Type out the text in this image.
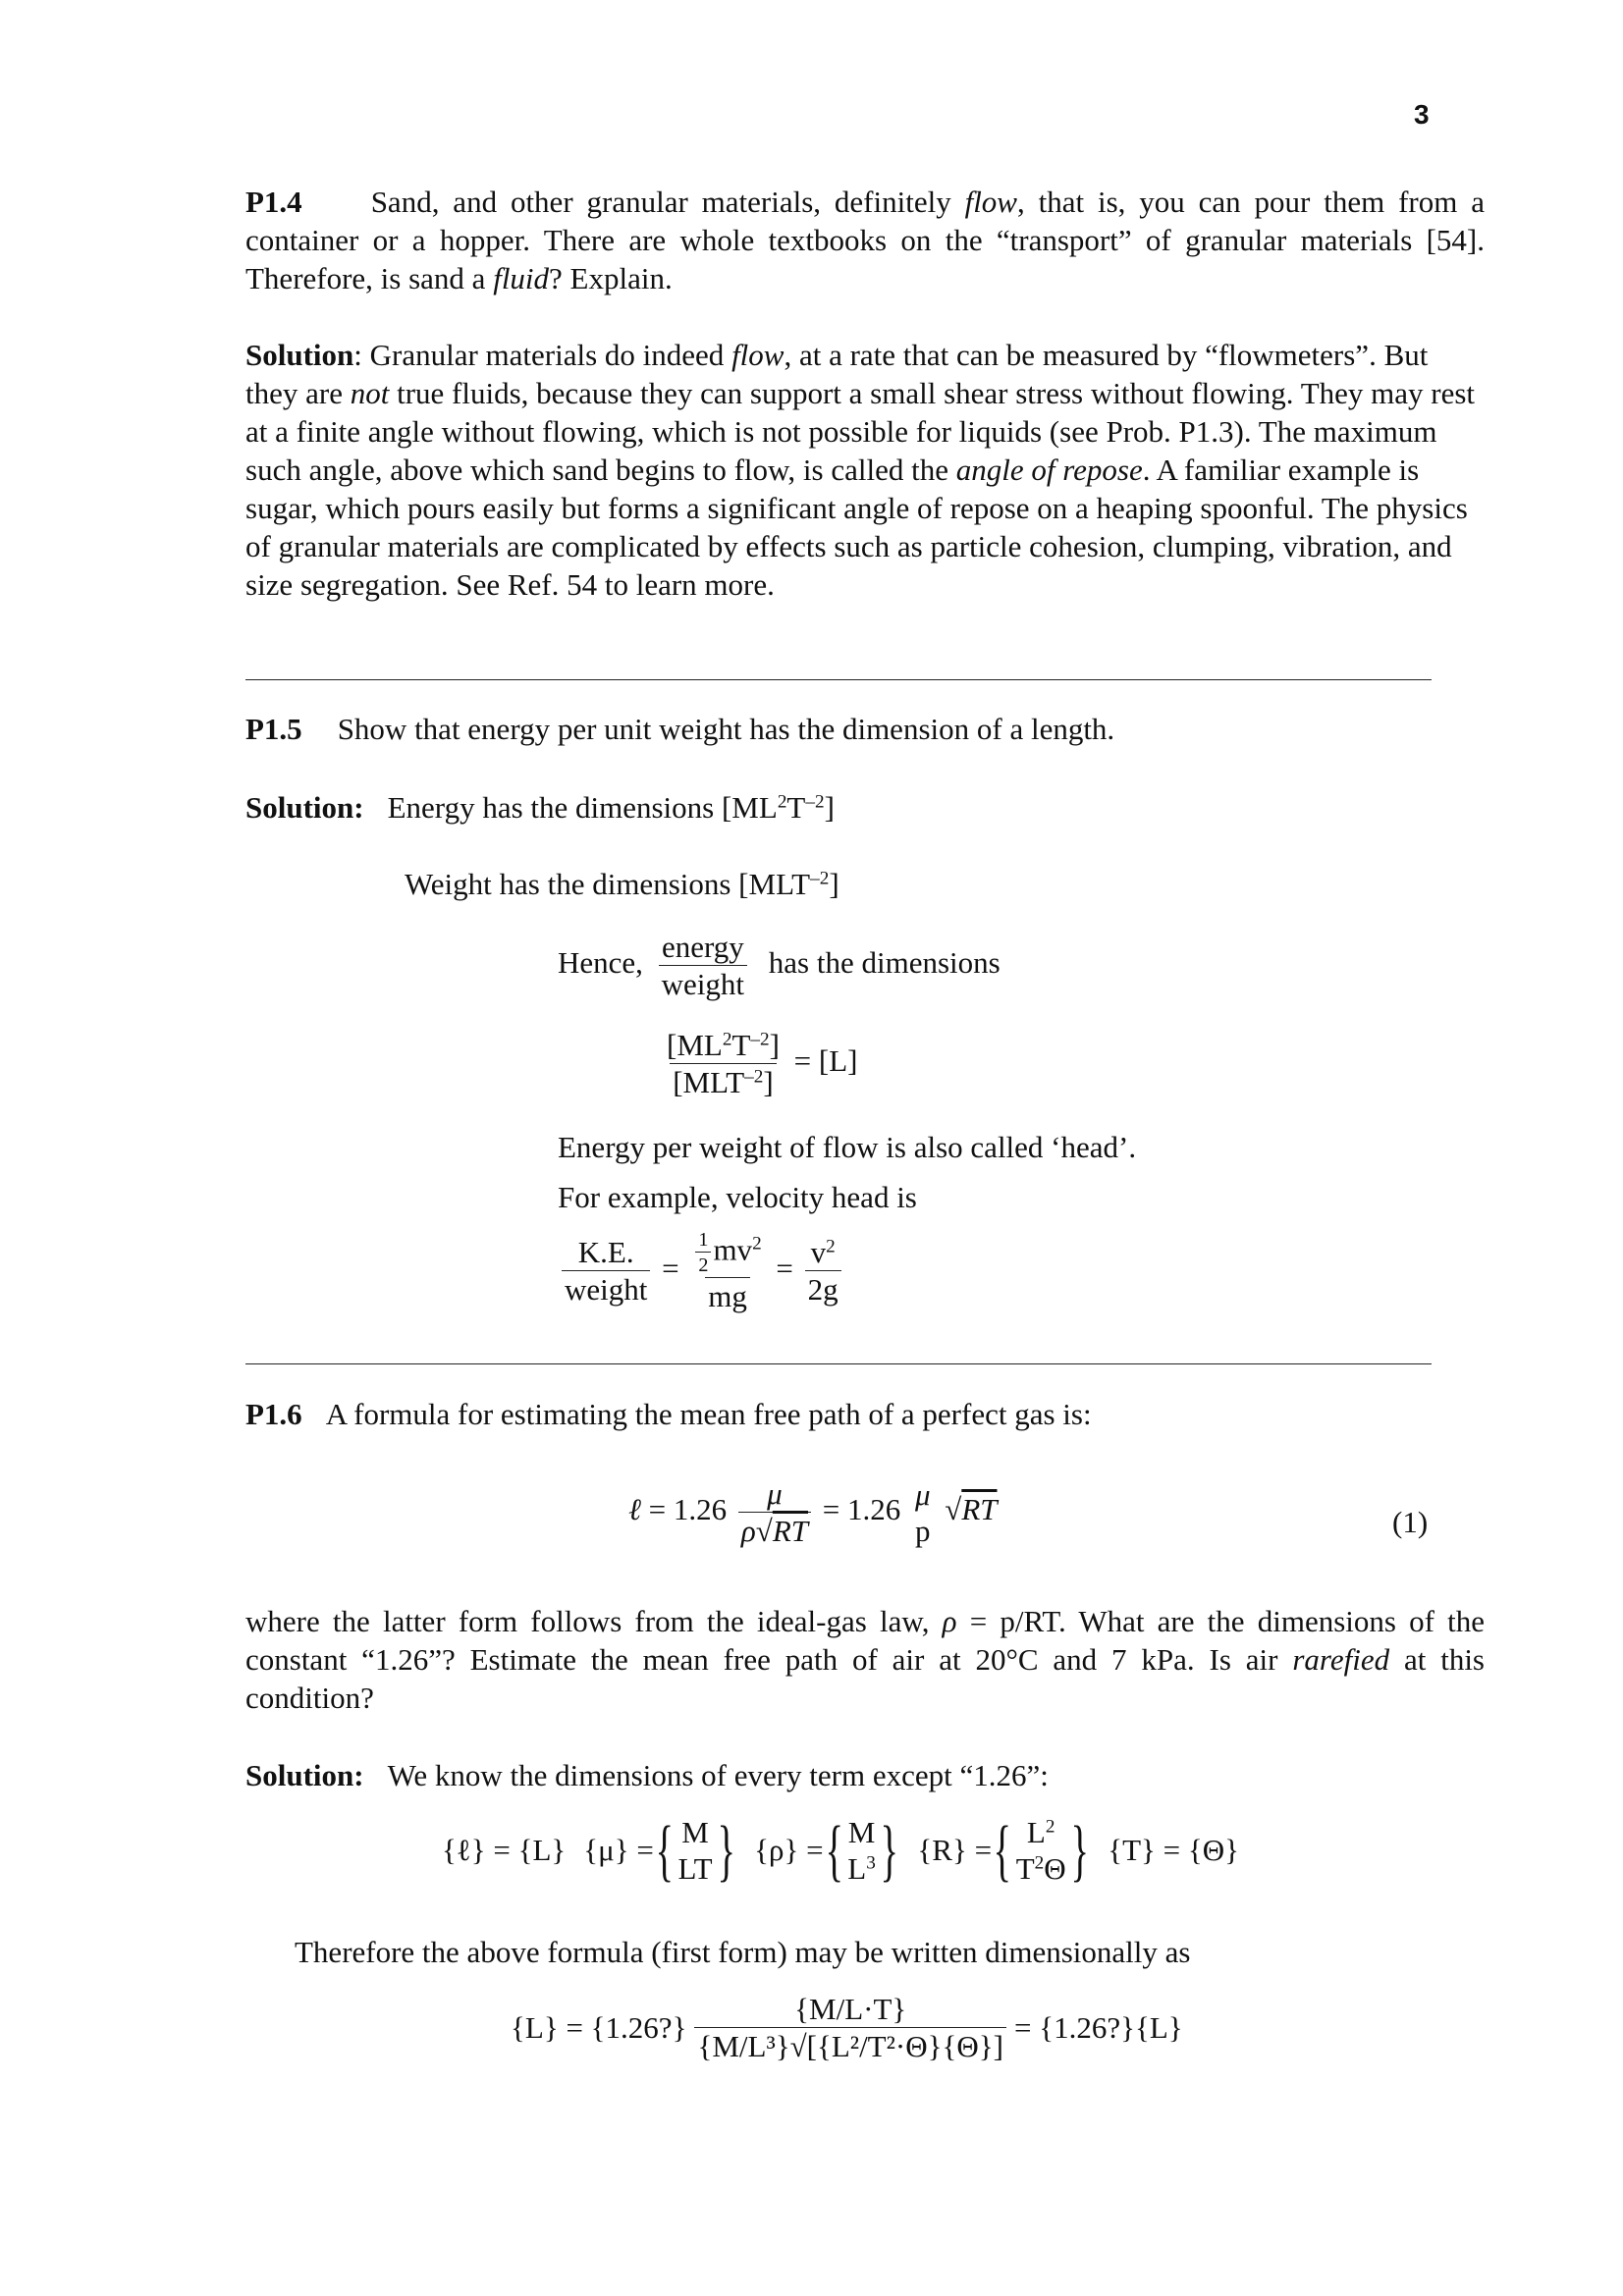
3
P1.4 Sand, and other granular materials, definitely flow, that is, you can pour them from a container or a hopper. There are whole textbooks on the “transport” of granular materials [54]. Therefore, is sand a fluid? Explain.
Solution: Granular materials do indeed flow, at a rate that can be measured by “flowmeters”. But they are not true fluids, because they can support a small shear stress without flowing. They may rest at a finite angle without flowing, which is not possible for liquids (see Prob. P1.3). The maximum such angle, above which sand begins to flow, is called the angle of repose. A familiar example is sugar, which pours easily but forms a significant angle of repose on a heaping spoonful. The physics of granular materials are complicated by effects such as particle cohesion, clumping, vibration, and size segregation. See Ref. 54 to learn more.
P1.5 Show that energy per unit weight has the dimension of a length.
Solution: Energy has the dimensions $[ML^2T^{-2}]$
Weight has the dimensions $[MLT^{-2}]$
Hence, $\frac{\text{energy}}{\text{weight}}$ has the dimensions
$\frac{[ML^2T^{-2}]}{[MLT^{-2}]} = [L]$
Energy per weight of flow is also called ‘head’.
For example, velocity head is
$\frac{K.E.}{\text{weight}} = \frac{\frac{1}{2} mv^2}{mg} = \frac{v^2}{2g}$
P1.6 A formula for estimating the mean free path of a perfect gas is:
ℓ = $1.26 \frac{\mu}{\rho√RT} = 1.26$ μ
p
√RT	(1)
where the latter form follows from the ideal-gas law, ρ = p/RT. What are the dimensions of the constant “1.26”? Estimate the mean free path of air at 20°C and 7 kPa. Is air rarefied at this condition?
Solution: We know the dimensions of every term except “1.26”:
{ℓ} = {L} {μ} = { M
LT } {ρ} = { M
$L^3$ } {R} = { $L^2$
$T^2\Theta$ } {T} = {Θ}
Therefore the above formula (first form) may be written dimensionally as
{L} = {1.26?} $\frac{\{M/L\cdot T\}}{\text{\{M/L³\}√[\{L²/T²·Θ\}\{Θ\}]}}$ = {1.26?}{L}
